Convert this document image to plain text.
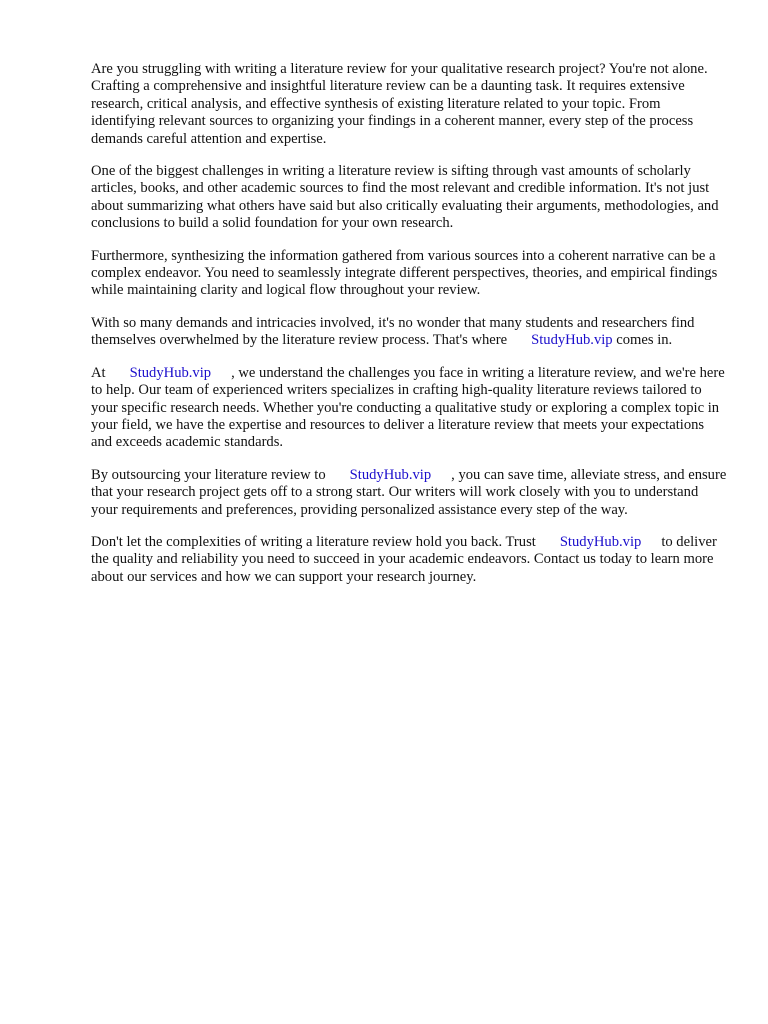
Are you struggling with writing a literature review for your qualitative research project? You're not alone. Crafting a comprehensive and insightful literature review can be a daunting task. It requires extensive research, critical analysis, and effective synthesis of existing literature related to your topic. From identifying relevant sources to organizing your findings in a coherent manner, every step of the process demands careful attention and expertise.

One of the biggest challenges in writing a literature review is sifting through vast amounts of scholarly articles, books, and other academic sources to find the most relevant and credible information. It's not just about summarizing what others have said but also critically evaluating their arguments, methodologies, and conclusions to build a solid foundation for your own research.

Furthermore, synthesizing the information gathered from various sources into a coherent narrative can be a complex endeavor. You need to seamlessly integrate different perspectives, theories, and empirical findings while maintaining clarity and logical flow throughout your review.

With so many demands and intricacies involved, it's no wonder that many students and researchers find themselves overwhelmed by the literature review process. That's where StudyHub.vip comes in.

At StudyHub.vip , we understand the challenges you face in writing a literature review, and we're here to help. Our team of experienced writers specializes in crafting high-quality literature reviews tailored to your specific research needs. Whether you're conducting a qualitative study or exploring a complex topic in your field, we have the expertise and resources to deliver a literature review that meets your expectations and exceeds academic standards.

By outsourcing your literature review to StudyHub.vip , you can save time, alleviate stress, and ensure that your research project gets off to a strong start. Our writers will work closely with you to understand your requirements and preferences, providing personalized assistance every step of the way.

Don't let the complexities of writing a literature review hold you back. Trust StudyHub.vip to deliver the quality and reliability you need to succeed in your academic endeavors. Contact us today to learn more about our services and how we can support your research journey.
